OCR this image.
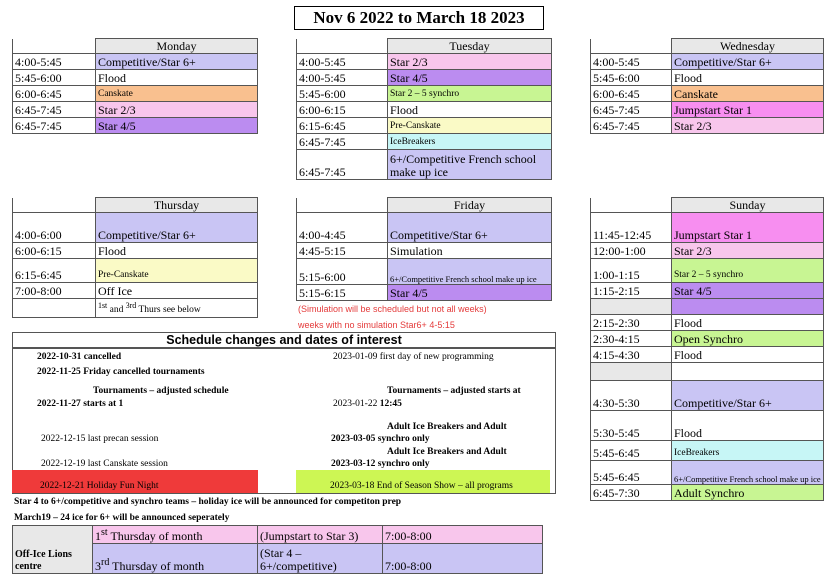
Nov 6 2022 to March 18 2023
	Monday
4:00-5:45	Competitive/Star 6+
5:45-6:00	Flood
6:00-6:45	Canskate
6:45-7:45	Star 2/3
6:45-7:45	Star 4/5
	Tuesday
4:00-5:45	Star 2/3
4:00-5:45	Star 4/5
5:45-6:00	Star 2 – 5 synchro
6:00-6:15	Flood
6:15-6:45	Pre-Canskate
6:45-7:45	IceBreakers
6:45-7:45	6+/Competitive French school make up ice
	Wednesday
4:00-5:45	Competitive/Star 6+
5:45-6:00	Flood
6:00-6:45	Canskate
6:45-7:45	Jumpstart Star 1
6:45-7:45	Star 2/3
	Thursday
4:00-6:00	Competitive/Star 6+
6:00-6:15	Flood
6:15-6:45	Pre-Canskate
7:00-8:00	Off Ice
	$^{1st}$ and $^{3rd}$ Thurs see below
	Friday
4:00-4:45	Competitive/Star 6+
4:45-5:15	Simulation
5:15-6:00	6+/Competitive French school make up ice
5:15-6:15	Star 4/5
(Simulation will be scheduled but not all weeks)
weeks with no simulation Star6+ 4-5:15
	Sunday
11:45-12:45	Jumpstart Star 1
12:00-1:00	Star 2/3
1:00-1:15	Star 2 – 5 synchro
1:15-2:15	Star 4/5

2:15-2:30	Flood
2:30-4:15	Open Synchro
4:15-4:30	Flood

4:30-5:30	Competitive/Star 6+
5:30-5:45	Flood
5:45-6:45	IceBreakers
5:45-6:45	6+/Competitive French school make up ice
6:45-7:30	Adult Synchro
Schedule changes and dates of interest
2022-10-31 cancelled
2022-11-25 Friday cancelled tournaments
Tournaments – adjusted schedule
2022-11-27 starts at 1
2022-12-15 last precan session
2022-12-19 last Canskate session
2023-01-09 first day of new programming
Tournaments – adjusted starts at
2023-01-22 12:45
Adult Ice Breakers and Adult
2023-03-05 synchro only
Adult Ice Breakers and Adult
2023-03-12 synchro only
2022-12-21 Holiday Fun Night	2023-03-18 End of Season Show – all programs
Star 4 to 6+/competitive and synchro teams – holiday ice will be announced for competiton prep
March19 – 24 ice for 6+ will be announced seperately
Off-Ice Lions centre	1st Thursday of month	(Jumpstart to Star 3)	7:00-8:00
	3rd Thursday of month	(Star 4 – 6+/competitive)	7:00-8:00
